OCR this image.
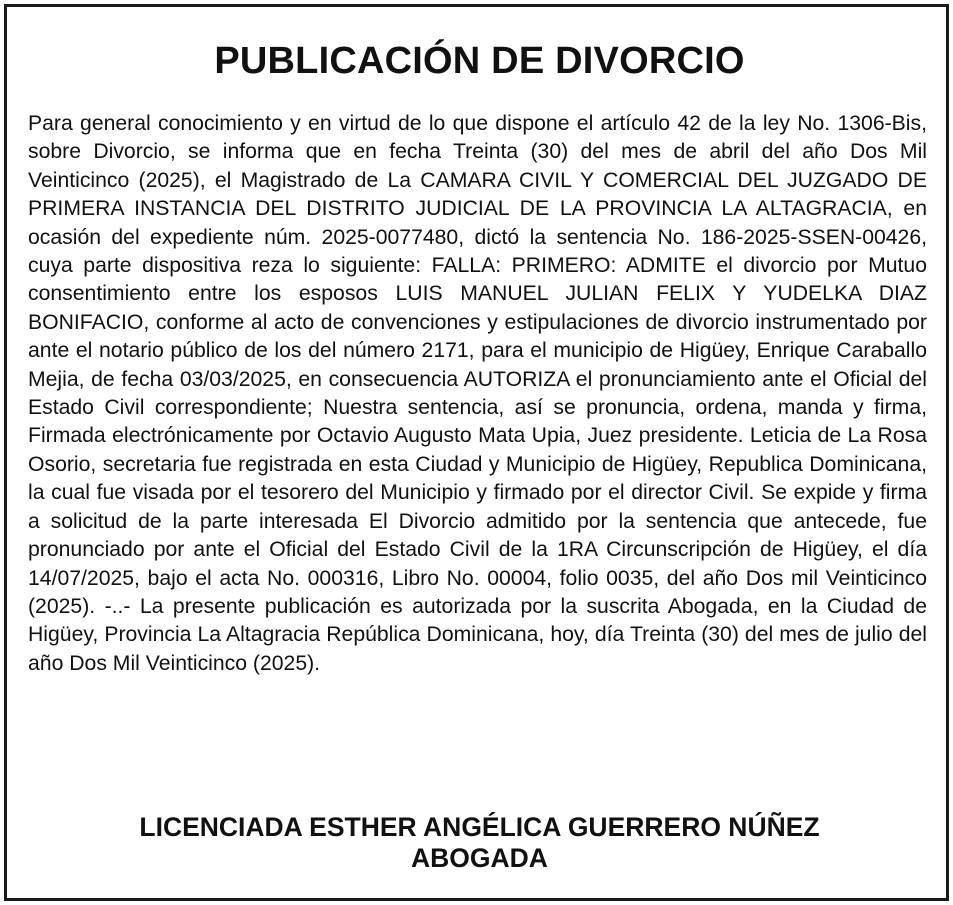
PUBLICACIÓN DE DIVORCIO

Para general conocimiento y en virtud de lo que dispone el artículo 42 de la ley No. 1306-Bis, sobre Divorcio, se informa que en fecha Treinta (30) del mes de abril del año Dos Mil Veinticinco (2025), el Magistrado de La CAMARA CIVIL Y COMERCIAL DEL JUZGADO DE PRIMERA INSTANCIA DEL DISTRITO JUDICIAL DE LA PROVINCIA LA ALTAGRACIA, en ocasión del expediente núm. 2025-0077480, dictó la sentencia No. 186-2025-SSEN-00426, cuya parte dispositiva reza lo siguiente: FALLA: PRIMERO: ADMITE el divorcio por Mutuo consentimiento entre los esposos LUIS MANUEL JULIAN FELIX Y YUDELKA DIAZ BONIFACIO, conforme al acto de convenciones y estipulaciones de divorcio instrumentado por ante el notario público de los del número 2171, para el municipio de Higüey, Enrique Caraballo Mejia, de fecha 03/03/2025, en consecuencia AUTORIZA el pronunciamiento ante el Oficial del Estado Civil correspondiente; Nuestra sentencia, así se pronuncia, ordena, manda y firma, Firmada electrónicamente por Octavio Augusto Mata Upia, Juez presidente. Leticia de La Rosa Osorio, secretaria fue registrada en esta Ciudad y Municipio de Higüey, Republica Dominicana, la cual fue visada por el tesorero del Municipio y firmado por el director Civil. Se expide y firma a solicitud de la parte interesada El Divorcio admitido por la sentencia que antecede, fue pronunciado por ante el Oficial del Estado Civil de la 1RA Circunscripción de Higüey, el día 14/07/2025, bajo el acta No. 000316, Libro No. 00004, folio 0035, del año Dos mil Veinticinco (2025). -..- La presente publicación es autorizada por la suscrita Abogada, en la Ciudad de Higüey, Provincia La Altagracia República Dominicana, hoy, día Treinta (30) del mes de julio del año Dos Mil Veinticinco (2025).

LICENCIADA ESTHER ANGÉLICA GUERRERO NÚÑEZ
ABOGADA
